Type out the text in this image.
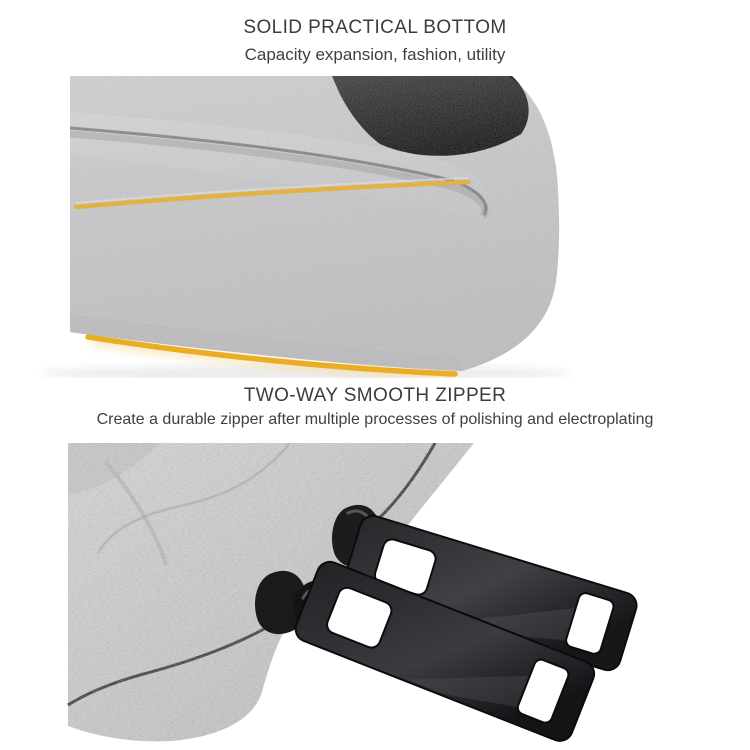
SOLID PRACTICAL BOTTOM
Capacity expansion, fashion, utility
TWO-WAY SMOOTH ZIPPER
Create a durable zipper after multiple processes of polishing and electroplating
